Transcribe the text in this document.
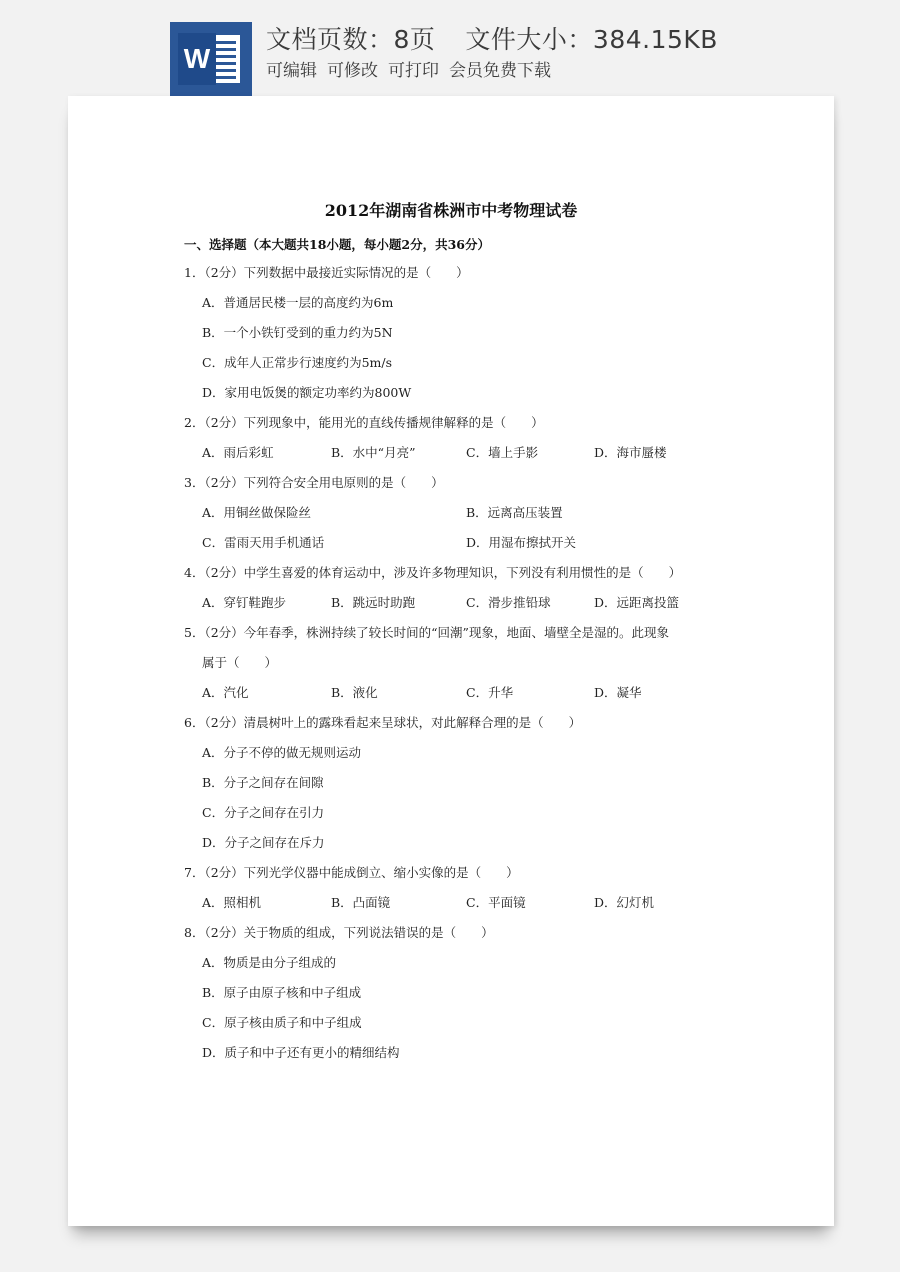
W
文档页数：8页 文件大小：384.15KB
可编辑 可修改 可打印 会员免费下载
2012年湖南省株洲市中考物理试卷
一、选择题（本大题共18小题，每小题2分，共36分）
1．（2分）下列数据中最接近实际情况的是（　　）
A．普通居民楼一层的高度约为6m
B．一个小铁钉受到的重力约为5N
C．成年人正常步行速度约为5m/s
D．家用电饭煲的额定功率约为800W
2．（2分）下列现象中，能用光的直线传播规律解释的是（　　）
A．雨后彩虹	B．水中“月亮”	C．墙上手影	D．海市蜃楼
3．（2分）下列符合安全用电原则的是（　　）
A．用铜丝做保险丝	B．远离高压装置
C．雷雨天用手机通话	D．用湿布擦拭开关
4．（2分）中学生喜爱的体育运动中，涉及许多物理知识，下列没有利用惯性的是（　　）
A．穿钉鞋跑步	B．跳远时助跑	C．滑步推铅球	D．远距离投篮
5．（2分）今年春季，株洲持续了较长时间的“回潮”现象，地面、墙壁全是湿的。此现象
属于（　　）
A．汽化	B．液化	C．升华	D．凝华
6．（2分）清晨树叶上的露珠看起来呈球状，对此解释合理的是（　　）
A．分子不停的做无规则运动
B．分子之间存在间隙
C．分子之间存在引力
D．分子之间存在斥力
7．（2分）下列光学仪器中能成倒立、缩小实像的是（　　）
A．照相机	B．凸面镜	C．平面镜	D．幻灯机
8．（2分）关于物质的组成，下列说法错误的是（　　）
A．物质是由分子组成的
B．原子由原子核和中子组成
C．原子核由质子和中子组成
D．质子和中子还有更小的精细结构
